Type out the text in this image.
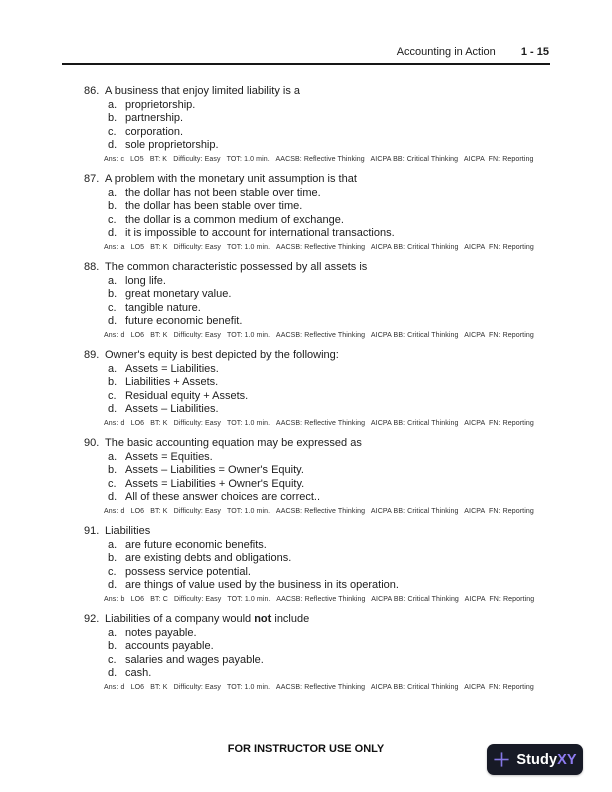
Accounting in Action 1 - 15
86. A business that enjoy limited liability is a
a. proprietorship.
b. partnership.
c. corporation.
d. sole proprietorship.
Ans: c   LO5   BT: K   Difficulty: Easy   TOT: 1.0 min.   AACSB: Reflective Thinking   AICPA BB: Critical Thinking   AICPA  FN: Reporting
87. A problem with the monetary unit assumption is that
a. the dollar has not been stable over time.
b. the dollar has been stable over time.
c. the dollar is a common medium of exchange.
d. it is impossible to account for international transactions.
Ans: a   LO5   BT: K   Difficulty: Easy   TOT: 1.0 min.   AACSB: Reflective Thinking   AICPA BB: Critical Thinking   AICPA  FN: Reporting
88. The common characteristic possessed by all assets is
a. long life.
b. great monetary value.
c. tangible nature.
d. future economic benefit.
Ans: d   LO6   BT: K   Difficulty: Easy   TOT: 1.0 min.   AACSB: Reflective Thinking   AICPA BB: Critical Thinking   AICPA  FN: Reporting
89. Owner's equity is best depicted by the following:
a. Assets = Liabilities.
b. Liabilities + Assets.
c. Residual equity + Assets.
d. Assets – Liabilities.
Ans: d   LO6   BT: K   Difficulty: Easy   TOT: 1.0 min.   AACSB: Reflective Thinking   AICPA BB: Critical Thinking   AICPA  FN: Reporting
90. The basic accounting equation may be expressed as
a. Assets = Equities.
b. Assets – Liabilities = Owner's Equity.
c. Assets = Liabilities + Owner's Equity.
d. All of these answer choices are correct..
Ans: d   LO6   BT: K   Difficulty: Easy   TOT: 1.0 min.   AACSB: Reflective Thinking   AICPA BB: Critical Thinking   AICPA  FN: Reporting
91. Liabilities
a. are future economic benefits.
b. are existing debts and obligations.
c. possess service potential.
d. are things of value used by the business in its operation.
Ans: b   LO6   BT: C   Difficulty: Easy   TOT: 1.0 min.   AACSB: Reflective Thinking   AICPA BB: Critical Thinking   AICPA  FN: Reporting
92. Liabilities of a company would not include
a. notes payable.
b. accounts payable.
c. salaries and wages payable.
d. cash.
Ans: d   LO6   BT: K   Difficulty: Easy   TOT: 1.0 min.   AACSB: Reflective Thinking   AICPA BB: Critical Thinking   AICPA  FN: Reporting
FOR INSTRUCTOR USE ONLY
StudyXY
